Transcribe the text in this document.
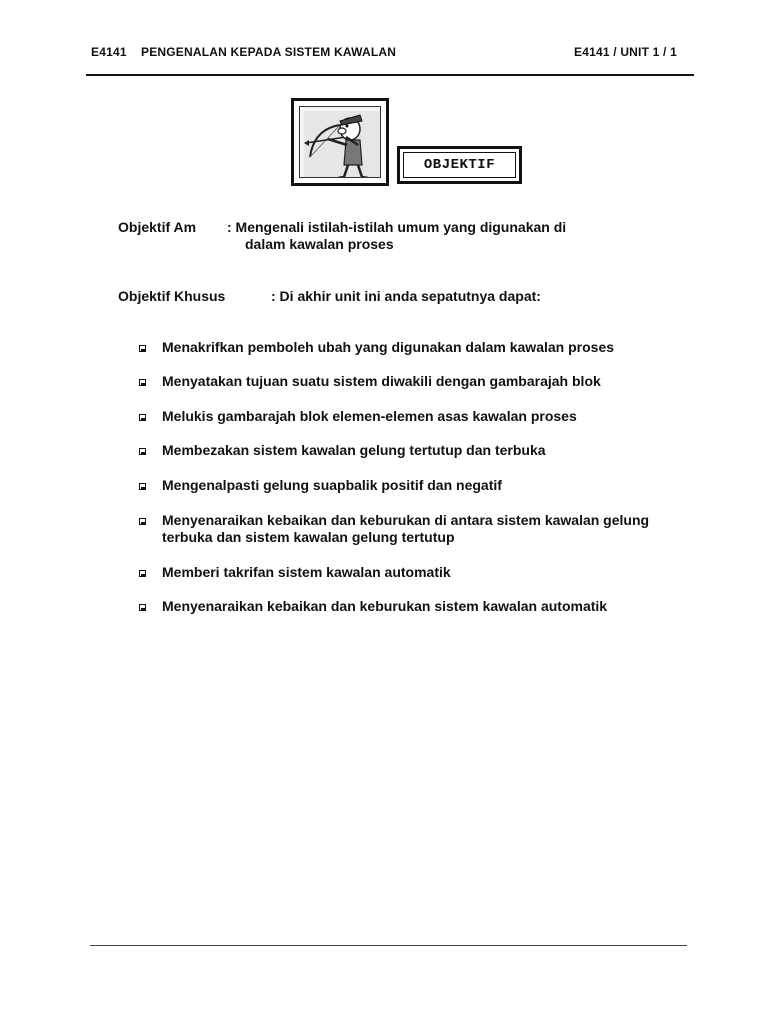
E4141 PENGENALAN KEPADA SISTEM KAWALAN	E4141 / UNIT 1 / 1
OBJEKTIF
Objektif Am : Mengenali istilah-istilah umum yang digunakan di
dalam kawalan proses
Objektif Khusus	: Di akhir unit ini anda sepatutnya dapat:
Menakrifkan pemboleh ubah yang digunakan dalam kawalan proses
Menyatakan tujuan suatu sistem diwakili dengan gambarajah blok
Melukis gambarajah blok elemen-elemen asas kawalan proses
Membezakan sistem kawalan gelung tertutup dan terbuka
Mengenalpasti gelung suapbalik positif dan negatif
Menyenaraikan kebaikan dan keburukan di antara sistem kawalan gelung terbuka dan sistem kawalan gelung tertutup
Memberi takrifan sistem kawalan automatik
Menyenaraikan kebaikan dan keburukan sistem kawalan automatik
